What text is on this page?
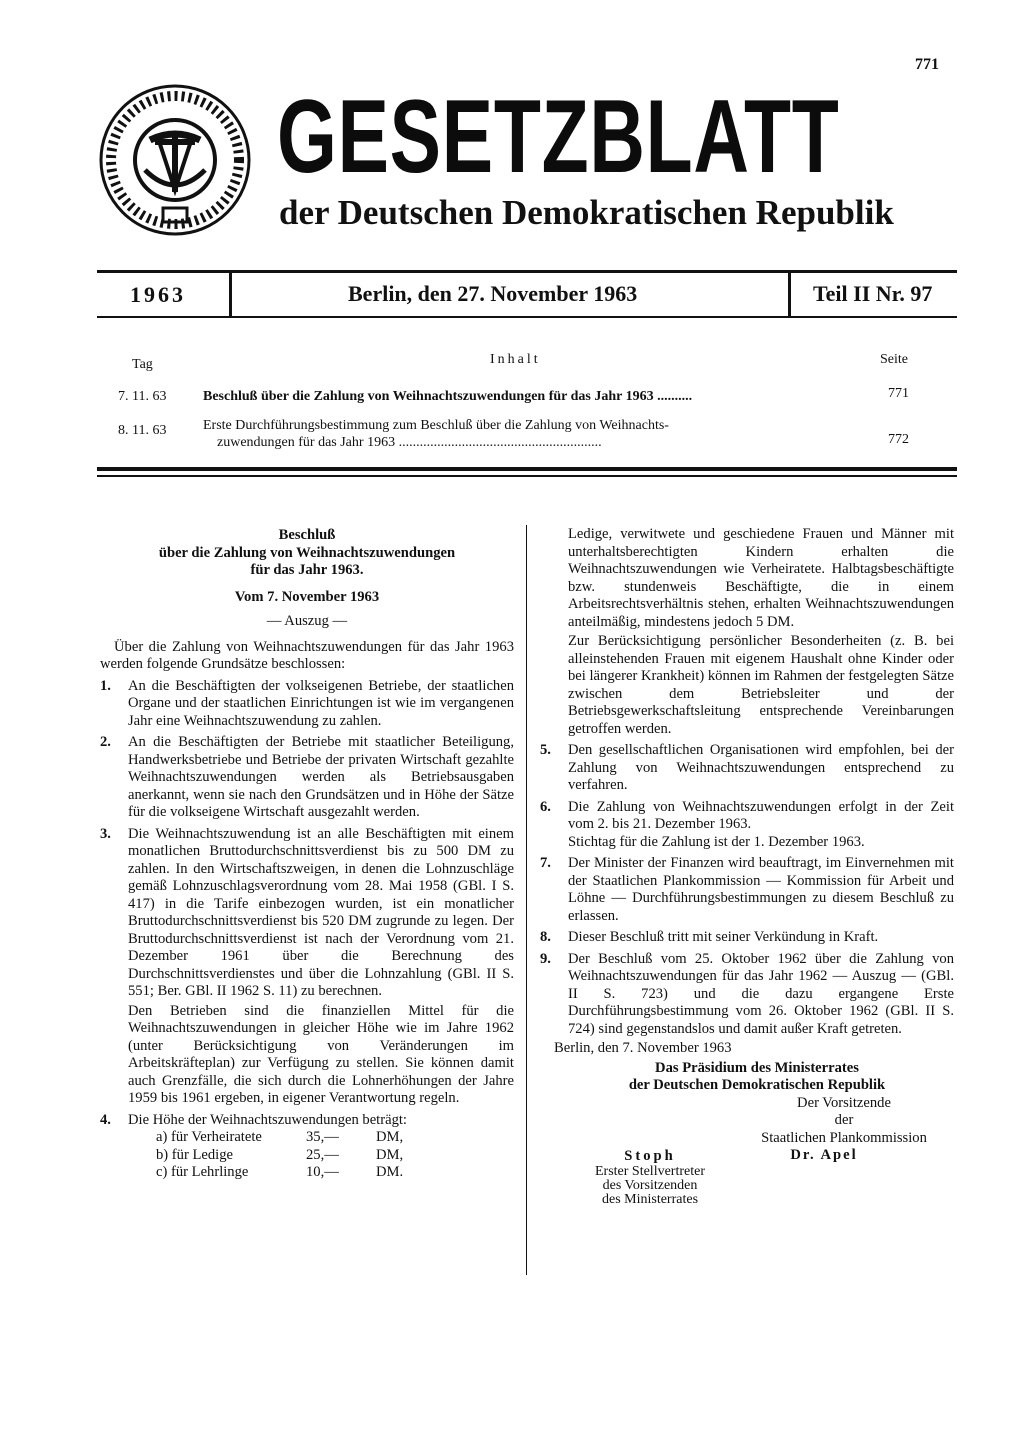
771
GESETZBLATT
der Deutschen Demokratischen Republik
1963	Berlin, den 27. November 1963	Teil II Nr. 97
Tag	Inhalt	Seite
7. 11. 63	Beschluß über die Zahlung von Weihnachtszuwendungen für das Jahr 1963 ..........	771
8. 11. 63	Erste Durchführungsbestimmung zum Beschluß über die Zahlung von Weihnachts-
zuwendungen für das Jahr 1963 ..........................................................	772

Beschluß

über die Zahlung von Weihnachtszuwendungen

für das Jahr 1963.

Vom 7. November 1963

— Auszug —

Über die Zahlung von Weihnachtszuwendungen für das Jahr 1963 werden folgende Grundsätze beschlossen:

1. An die Beschäftigten der volkseigenen Betriebe, der staatlichen Organe und der staatlichen Einrichtungen ist wie im vergangenen Jahr eine Weihnachtszuwendung zu zahlen.

2. An die Beschäftigten der Betriebe mit staatlicher Beteiligung, Handwerksbetriebe und Betriebe der privaten Wirtschaft gezahlte Weihnachtszuwendungen werden als Betriebsausgaben anerkannt, wenn sie nach den Grundsätzen und in Höhe der Sätze für die volkseigene Wirtschaft ausgezahlt werden.

3. Die Weihnachtszuwendung ist an alle Beschäftigten mit einem monatlichen Bruttodurchschnittsverdienst bis zu 500 DM zu zahlen. In den Wirtschaftszweigen, in denen die Lohnzuschläge gemäß Lohnzuschlagsverordnung vom 28. Mai 1958 (GBl. I S. 417) in die Tarife einbezogen wurden, ist ein monatlicher Bruttodurchschnittsverdienst bis 520 DM zugrunde zu legen. Der Bruttodurchschnittsverdienst ist nach der Verordnung vom 21. Dezember 1961 über die Berechnung des Durchschnittsverdienstes und über die Lohnzahlung (GBl. II S. 551; Ber. GBl. II 1962 S. 11) zu berechnen.

Den Betrieben sind die finanziellen Mittel für die Weihnachtszuwendungen in gleicher Höhe wie im Jahre 1962 (unter Berücksichtigung von Veränderungen im Arbeitskräfteplan) zur Verfügung zu stellen. Sie können damit auch Grenzfälle, die sich durch die Lohnerhöhungen der Jahre 1959 bis 1961 ergeben, in eigener Verantwortung regeln.

4. Die Höhe der Weihnachtszuwendungen beträgt:

a) für Verheiratete	35,—	DM,
b) für Ledige	25,—	DM,
c) für Lehrlinge	10,—	DM.

Ledige, verwitwete und geschiedene Frauen und Männer mit unterhaltsberechtigten Kindern erhalten die Weihnachtszuwendungen wie Verheiratete. Halbtagsbeschäftigte bzw. stundenweis Beschäftigte, die in einem Arbeitsrechtsverhältnis stehen, erhalten Weihnachtszuwendungen anteilmäßig, mindestens jedoch 5 DM.

Zur Berücksichtigung persönlicher Besonderheiten (z. B. bei alleinstehenden Frauen mit eigenem Haushalt ohne Kinder oder bei längerer Krankheit) können im Rahmen der festgelegten Sätze zwischen dem Betriebsleiter und der Betriebsgewerkschaftsleitung entsprechende Vereinbarungen getroffen werden.

5. Den gesellschaftlichen Organisationen wird empfohlen, bei der Zahlung von Weihnachtszuwendungen entsprechend zu verfahren.

6. Die Zahlung von Weihnachtszuwendungen erfolgt in der Zeit vom 2. bis 21. Dezember 1963.

Stichtag für die Zahlung ist der 1. Dezember 1963.

7. Der Minister der Finanzen wird beauftragt, im Einvernehmen mit der Staatlichen Plankommission — Kommission für Arbeit und Löhne — Durchführungsbestimmungen zu diesem Beschluß zu erlassen.

8. Dieser Beschluß tritt mit seiner Verkündung in Kraft.

9. Der Beschluß vom 25. Oktober 1962 über die Zahlung von Weihnachtszuwendungen für das Jahr 1962 — Auszug — (GBl. II S. 723) und die dazu ergangene Erste Durchführungsbestimmung vom 26. Oktober 1962 (GBl. II S. 724) sind gegenstandslos und damit außer Kraft getreten.

Berlin, den 7. November 1963

Das Präsidium des Ministerrates

der Deutschen Demokratischen Republik

Der Vorsitzende

der

Staatlichen Plankommission

Dr. Apel

Stoph

Erster Stellvertreter

des Vorsitzenden

des Ministerrates
